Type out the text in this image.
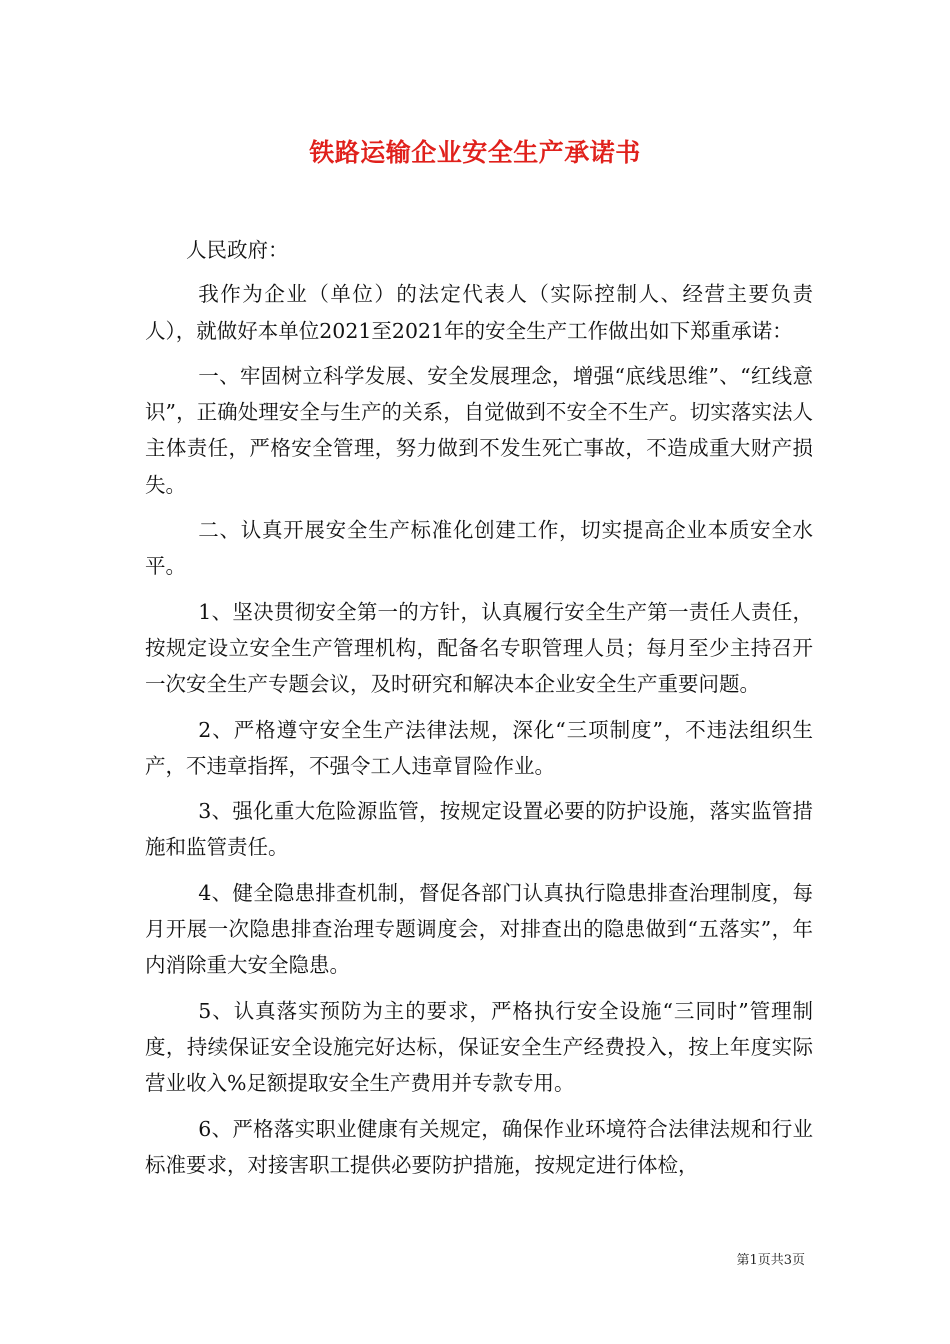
铁路运输企业安全生产承诺书

人民政府：

我作为企业（单位）的法定代表人（实际控制人、经营主要负责人），就做好本单位2021至2021年的安全生产工作做出如下郑重承诺：

一、牢固树立科学发展、安全发展理念，增强“底线思维”、“红线意识”，正确处理安全与生产的关系，自觉做到不安全不生产。切实落实法人主体责任，严格安全管理，努力做到不发生死亡事故，不造成重大财产损失。

二、认真开展安全生产标准化创建工作，切实提高企业本质安全水平。

1、坚决贯彻安全第一的方针，认真履行安全生产第一责任人责任，按规定设立安全生产管理机构，配备名专职管理人员；每月至少主持召开一次安全生产专题会议，及时研究和解决本企业安全生产重要问题。

2、严格遵守安全生产法律法规，深化“三项制度”，不违法组织生产，不违章指挥，不强令工人违章冒险作业。

3、强化重大危险源监管，按规定设置必要的防护设施，落实监管措施和监管责任。

4、健全隐患排查机制，督促各部门认真执行隐患排查治理制度，每月开展一次隐患排查治理专题调度会，对排查出的隐患做到“五落实”，年内消除重大安全隐患。

5、认真落实预防为主的要求，严格执行安全设施“三同时”管理制度，持续保证安全设施完好达标，保证安全生产经费投入，按上年度实际营业收入%足额提取安全生产费用并专款专用。

6、严格落实职业健康有关规定，确保作业环境符合法律法规和行业标准要求，对接害职工提供必要防护措施，按规定进行体检，

第1页共3页
